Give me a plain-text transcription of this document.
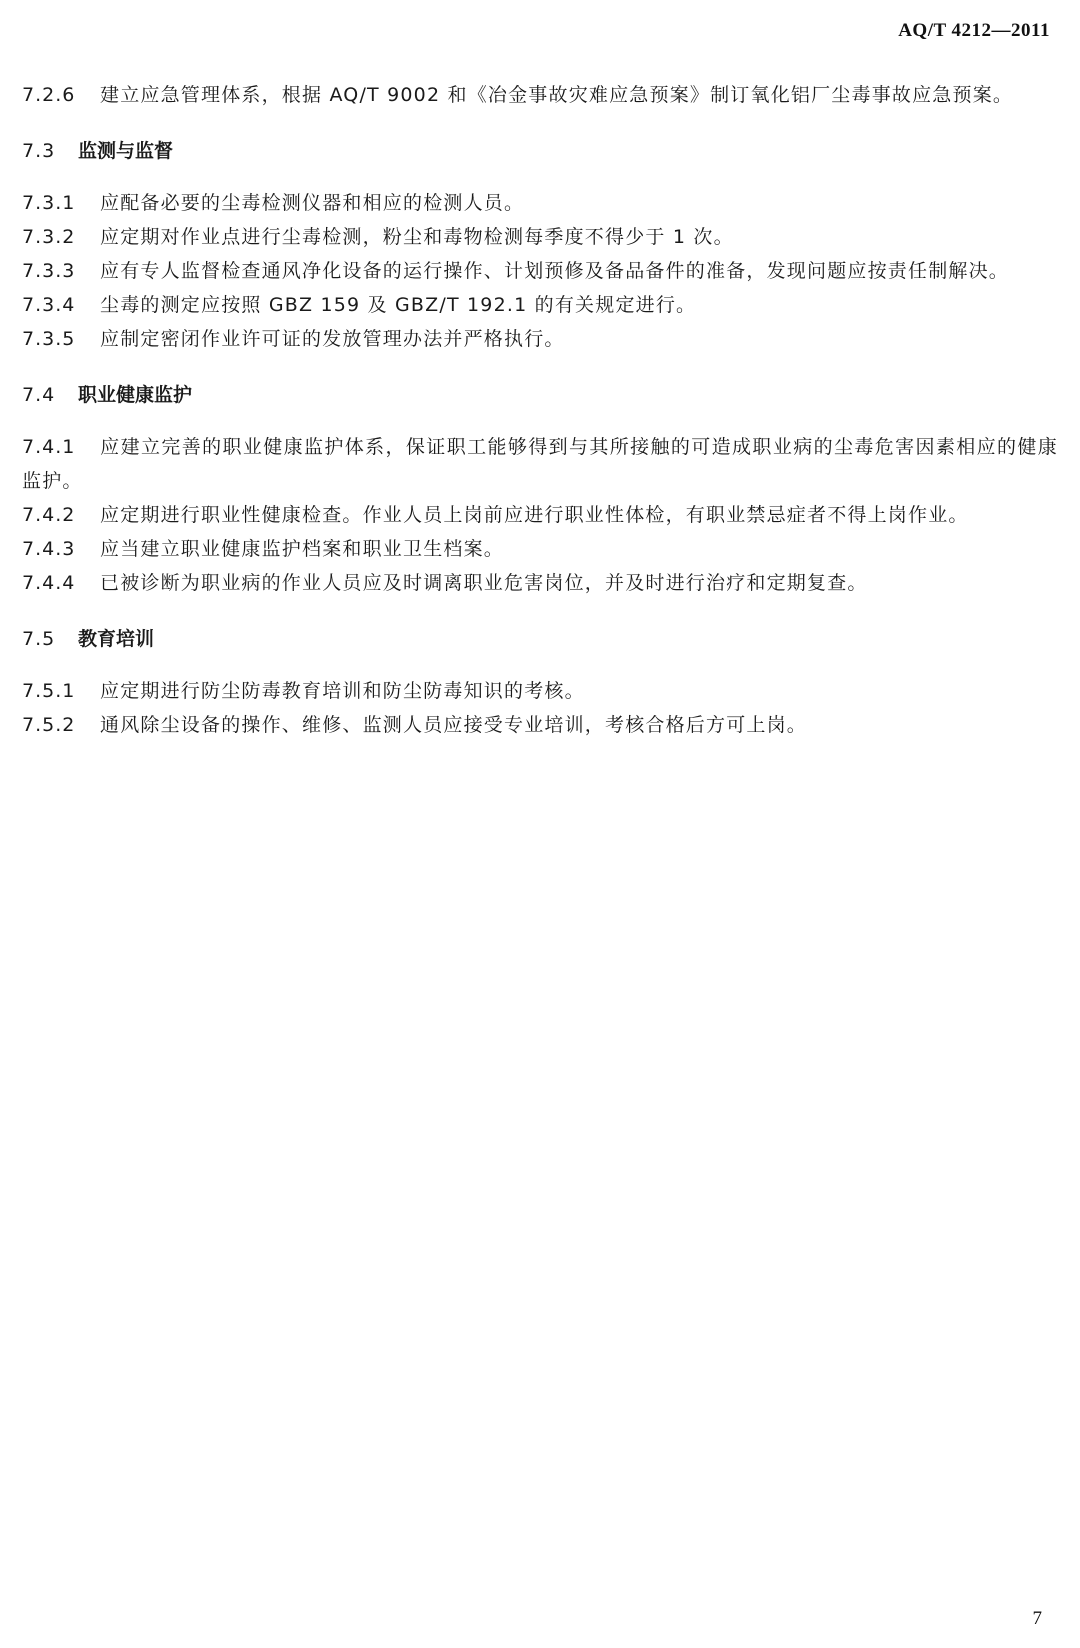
AQ/T 4212—2011

7.2.6 建立应急管理体系，根据 AQ/T 9002 和《冶金事故灾难应急预案》制订氧化铝厂尘毒事故应急预案。

7.3	监测与监督

7.3.1 应配备必要的尘毒检测仪器和相应的检测人员。

7.3.2 应定期对作业点进行尘毒检测，粉尘和毒物检测每季度不得少于 1 次。

7.3.3 应有专人监督检查通风净化设备的运行操作、计划预修及备品备件的准备，发现问题应按责任制解决。

7.3.4 尘毒的测定应按照 GBZ 159 及 GBZ/T 192.1 的有关规定进行。

7.3.5 应制定密闭作业许可证的发放管理办法并严格执行。

7.4	职业健康监护

7.4.1 应建立完善的职业健康监护体系，保证职工能够得到与其所接触的可造成职业病的尘毒危害因素相应的健康监护。

7.4.2 应定期进行职业性健康检查。作业人员上岗前应进行职业性体检，有职业禁忌症者不得上岗作业。

7.4.3 应当建立职业健康监护档案和职业卫生档案。

7.4.4 已被诊断为职业病的作业人员应及时调离职业危害岗位，并及时进行治疗和定期复查。

7.5	教育培训

7.5.1 应定期进行防尘防毒教育培训和防尘防毒知识的考核。

7.5.2 通风除尘设备的操作、维修、监测人员应接受专业培训，考核合格后方可上岗。

7
